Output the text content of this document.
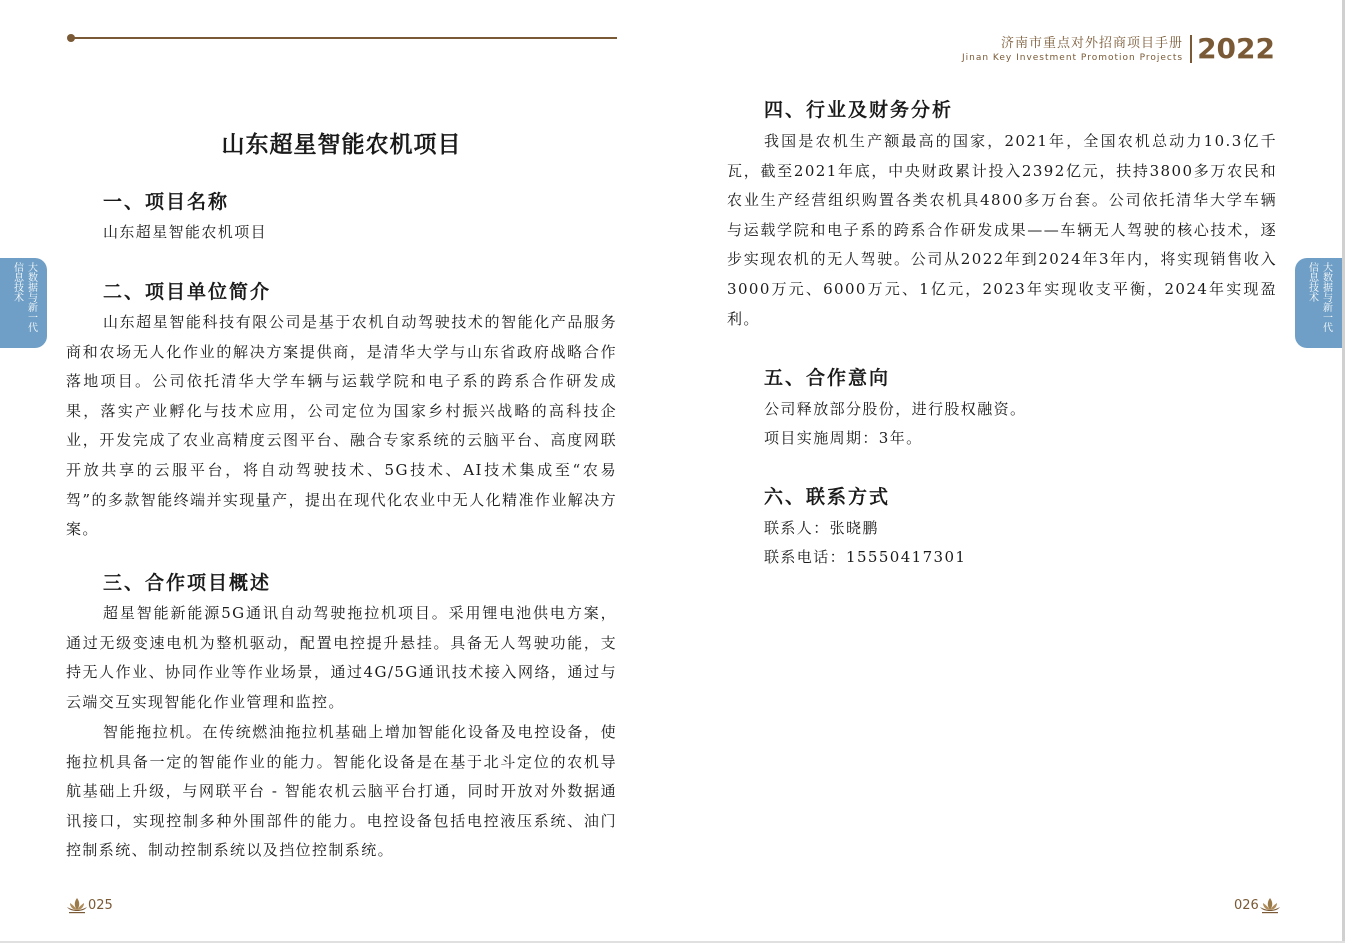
济南市重点对外招商项目手册
Jinan Key Investment Promotion Projects 2022
大数据与新一代
信息技术	大数据与新一代
信息技术
山东超星智能农机项目
一、项目名称
山东超星智能农机项目
二、项目单位简介
山东超星智能科技有限公司是基于农机自动驾驶技术的智能化产品服务商和农场无人化作业的解决方案提供商，是清华大学与山东省政府战略合作落地项目。公司依托清华大学车辆与运载学院和电子系的跨系合作研发成果，落实产业孵化与技术应用，公司定位为国家乡村振兴战略的高科技企业，开发完成了农业高精度云图平台、融合专家系统的云脑平台、高度网联开放共享的云服平台，将自动驾驶技术、5G技术、AI技术集成至“农易驾”的多款智能终端并实现量产，提出在现代化农业中无人化精准作业解决方案。
三、合作项目概述
超星智能新能源5G通讯自动驾驶拖拉机项目。采用锂电池供电方案，通过无级变速电机为整机驱动，配置电控提升悬挂。具备无人驾驶功能，支持无人作业、协同作业等作业场景，通过4G/5G通讯技术接入网络，通过与云端交互实现智能化作业管理和监控。
智能拖拉机。在传统燃油拖拉机基础上增加智能化设备及电控设备，使拖拉机具备一定的智能作业的能力。智能化设备是在基于北斗定位的农机导航基础上升级，与网联平台 - 智能农机云脑平台打通，同时开放对外数据通讯接口，实现控制多种外围部件的能力。电控设备包括电控液压系统、油门控制系统、制动控制系统以及挡位控制系统。
025
四、行业及财务分析
我国是农机生产额最高的国家，2021年，全国农机总动力10.3亿千瓦，截至2021年底，中央财政累计投入2392亿元，扶持3800多万农民和农业生产经营组织购置各类农机具4800多万台套。公司依托清华大学车辆与运载学院和电子系的跨系合作研发成果——车辆无人驾驶的核心技术，逐步实现农机的无人驾驶。公司从2022年到2024年3年内，将实现销售收入3000万元、6000万元、1亿元，2023年实现收支平衡，2024年实现盈利。
五、合作意向
公司释放部分股份，进行股权融资。
项目实施周期：3年。
六、联系方式
联系人：张晓鹏
联系电话：15550417301
026
